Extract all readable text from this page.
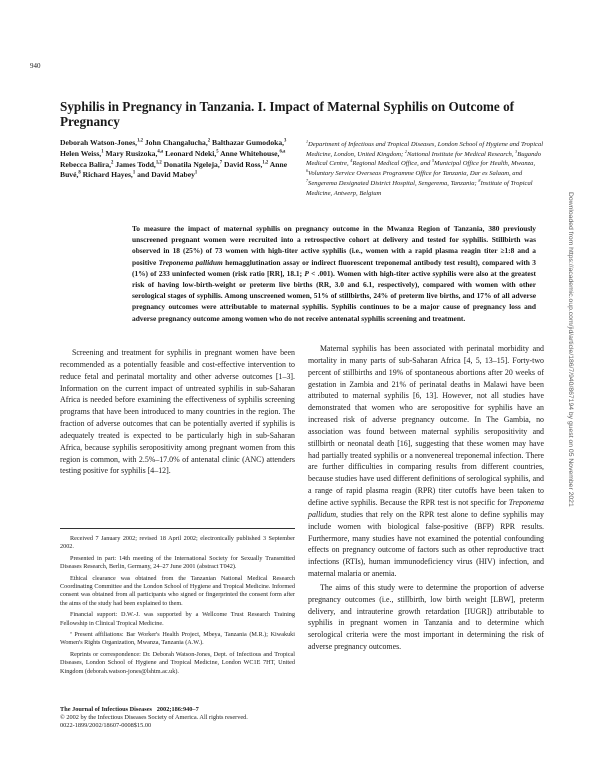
940
Syphilis in Pregnancy in Tanzania. I. Impact of Maternal Syphilis on Outcome of Pregnancy
Deborah Watson-Jones,$^{1,2}$ John Changalucha,$^2$ Balthazar Gumodoka,$^3$ Helen Weiss,$^1$ Mary Rusizoka,$^{4,a}$ Leonard Ndeki,$^5$ Anne Whitehouse,$^{6,a}$ Rebecca Balira,$^2$ James Todd,$^{1,2}$ Donatila Ngeleja,$^7$ David Ross,$^{1,2}$ Anne Buvé,$^8$ Richard Hayes,$^1$ and David Mabey$^1$
$^1$Department of Infectious and Tropical Diseases, London School of Hygiene and Tropical Medicine, London, United Kingdom; $^2$National Institute for Medical Research, $^3$Bugando Medical Centre, $^4$Regional Medical Office, and $^5$Municipal Office for Health, Mwanza, $^6$Voluntary Service Overseas Programme Office for Tanzania, Dar es Salaam, and $^7$Sengerema Designated District Hospital, Sengerema, Tanzania; $^8$Institute of Tropical Medicine, Antwerp, Belgium
To measure the impact of maternal syphilis on pregnancy outcome in the Mwanza Region of Tanzania, 380 previously unscreened pregnant women were recruited into a retrospective cohort at delivery and tested for syphilis. Stillbirth was observed in 18 (25%) of 73 women with high-titer active syphilis (i.e., women with a rapid plasma reagin titer ≥1:8 and a positive Treponema pallidum hemagglutination assay or indirect fluorescent treponemal antibody test result), compared with 3 (1%) of 233 uninfected women (risk ratio [RR], 18.1; P < .001). Women with high-titer active syphilis were also at the greatest risk of having low-birth-weight or preterm live births (RR, 3.0 and 6.1, respectively), compared with women with other serological stages of syphilis. Among unscreened women, 51% of stillbirths, 24% of preterm live births, and 17% of all adverse pregnancy outcomes were attributable to maternal syphilis. Syphilis continues to be a major cause of pregnancy loss and adverse pregnancy outcome among women who do not receive antenatal syphilis screening and treatment.

Screening and treatment for syphilis in pregnant women have been recommended as a potentially feasible and cost-effective intervention to reduce fetal and perinatal mortality and other adverse outcomes [1–3]. Information on the current impact of untreated syphilis in sub-Saharan Africa is needed before examining the effectiveness of syphilis screening programs that have been introduced to many countries in the region. The fraction of adverse outcomes that can be potentially averted if syphilis is adequately treated is expected to be particularly high in sub-Saharan Africa, because syphilis seropositivity among pregnant women from this region is common, with 2.5%–17.0% of antenatal clinic (ANC) attenders testing positive for syphilis [4–12].

Received 7 January 2002; revised 18 April 2002; electronically published 3 September 2002.

Presented in part: 14th meeting of the International Society for Sexually Transmitted Diseases Research, Berlin, Germany, 24–27 June 2001 (abstract T042).

Ethical clearance was obtained from the Tanzanian National Medical Research Coordinating Committee and the London School of Hygiene and Tropical Medicine. Informed consent was obtained from all participants who signed or fingerprinted the consent form after the aims of the study had been explained to them.

Financial support: D.W.-J. was supported by a Wellcome Trust Research Training Fellowship in Clinical Tropical Medicine.

ª Present affiliations: Bar Worker's Health Project, Mbeya, Tanzania (M.R.); Kiwakuki Women's Rights Organization, Mwanza, Tanzania (A.W.).

Reprints or correspondence: Dr. Deborah Watson-Jones, Dept. of Infectious and Tropical Diseases, London School of Hygiene and Tropical Medicine, London WC1E 7HT, United Kingdom (deborah.watson-jones@lshtm.ac.uk).

The Journal of Infectious Diseases 2002;186:940–7
© 2002 by the Infectious Diseases Society of America. All rights reserved.
0022-1899/2002/18607-0008$15.00

Maternal syphilis has been associated with perinatal morbidity and mortality in many parts of sub-Saharan Africa [4, 5, 13–15]. Forty-two percent of stillbirths and 19% of spontaneous abortions after 20 weeks of gestation in Zambia and 21% of perinatal deaths in Malawi have been attributed to maternal syphilis [6, 13]. However, not all studies have demonstrated that women who are seropositive for syphilis have an increased risk of adverse pregnancy outcome. In The Gambia, no association was found between maternal syphilis seropositivity and stillbirth or neonatal death [16], suggesting that these women may have had partially treated syphilis or a nonvenereal treponemal infection. There are further difficulties in comparing results from different countries, because studies have used different definitions of serological syphilis, and a range of rapid plasma reagin (RPR) titer cutoffs have been taken to define active syphilis. Because the RPR test is not specific for Treponema pallidum, studies that rely on the RPR test alone to define syphilis may include women with biological false-positive (BFP) RPR results. Furthermore, many studies have not examined the potential confounding effects on pregnancy outcome of factors such as other reproductive tract infections (RTIs), human immunodeficiency virus (HIV) infection, and maternal malaria or anemia.

The aims of this study were to determine the proportion of adverse pregnancy outcomes (i.e., stillbirth, low birth weight [LBW], preterm delivery, and intrauterine growth retardation [IUGR]) attributable to syphilis in pregnant women in Tanzania and to determine which serological criteria were the most important in determining the risk of adverse pregnancy outcomes.

Downloaded from https://academic.oup.com/jid/article/186/7/940/867194 by guest on 05 November 2021
